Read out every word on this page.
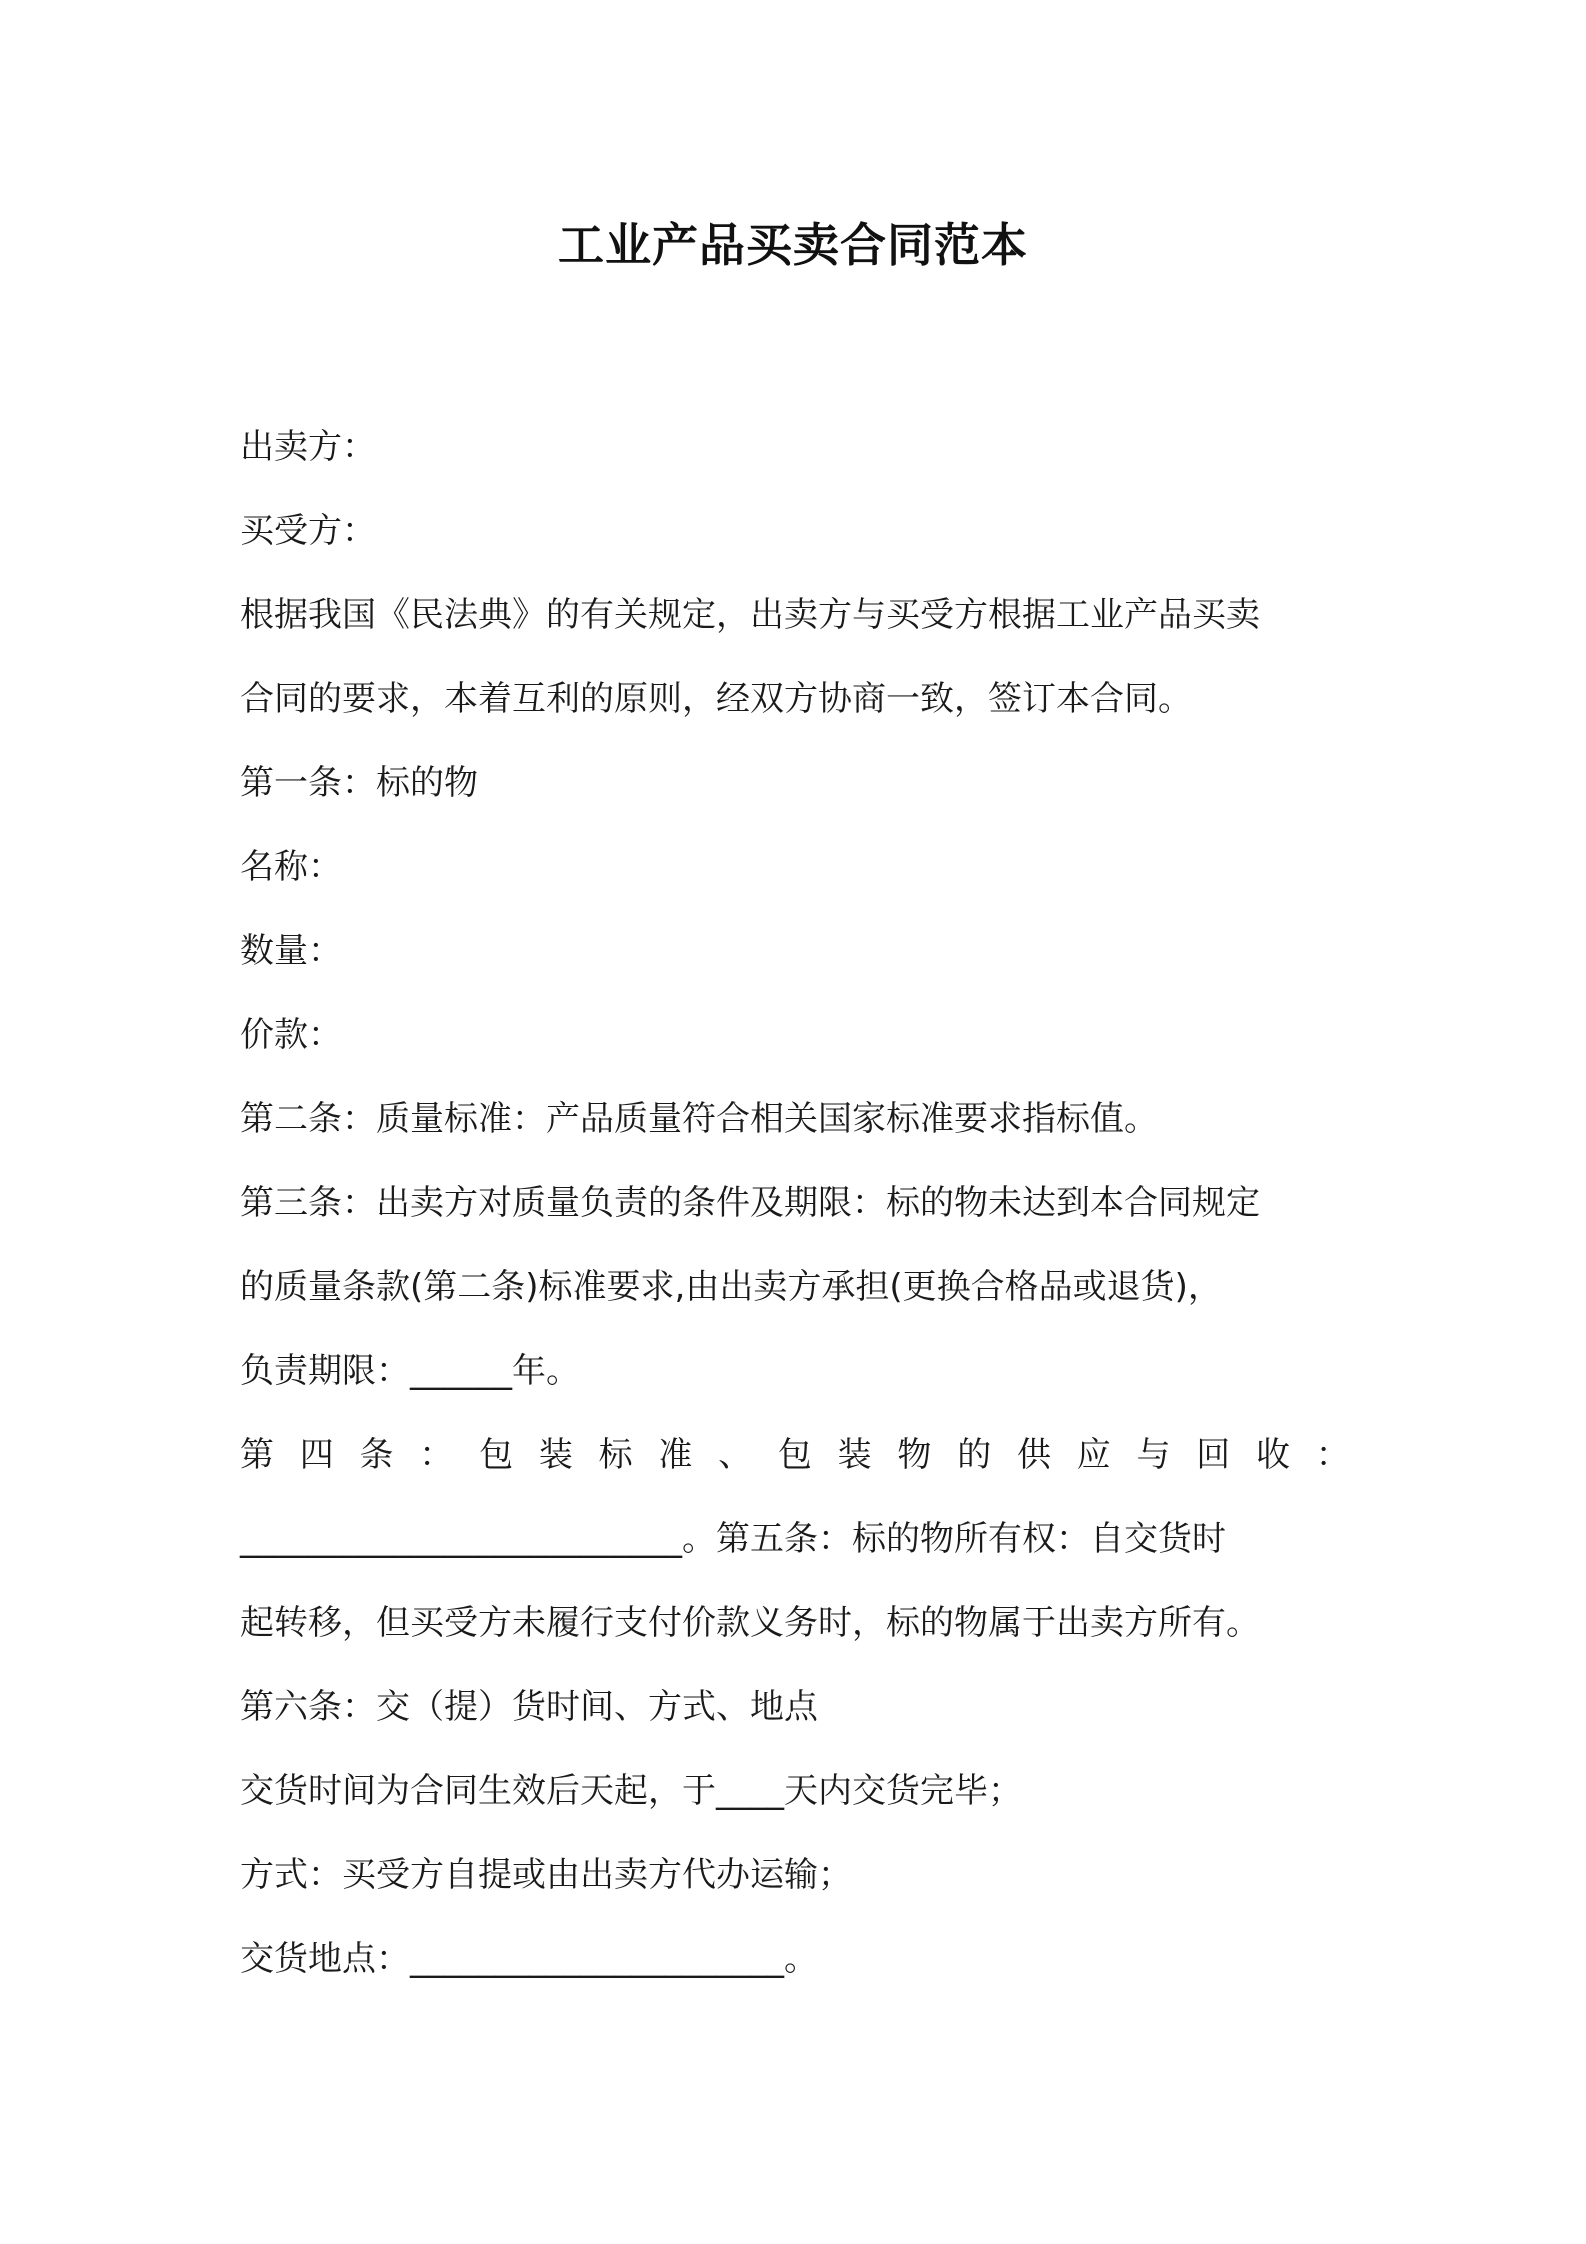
工业产品买卖合同范本
出卖方：
买受方：
根据我国《民法典》的有关规定，出卖方与买受方根据工业产品买卖
合同的要求，本着互利的原则，经双方协商一致，签订本合同。
第一条：标的物
名称：
数量：
价款：
第二条：质量标准：产品质量符合相关国家标准要求指标值。
第三条：出卖方对质量负责的条件及期限：标的物未达到本合同规定
的质量条款(第二条)标准要求,由出卖方承担(更换合格品或退货)，
负责期限：______年。
第 四 条 ： 包 装 标 准 、 包 装 物 的 供 应 与 回 收 ：
__________________________。第五条：标的物所有权：自交货时
起转移，但买受方未履行支付价款义务时，标的物属于出卖方所有。
第六条：交（提）货时间、方式、地点
交货时间为合同生效后天起，于____天内交货完毕；
方式：买受方自提或由出卖方代办运输；
交货地点：______________________。
